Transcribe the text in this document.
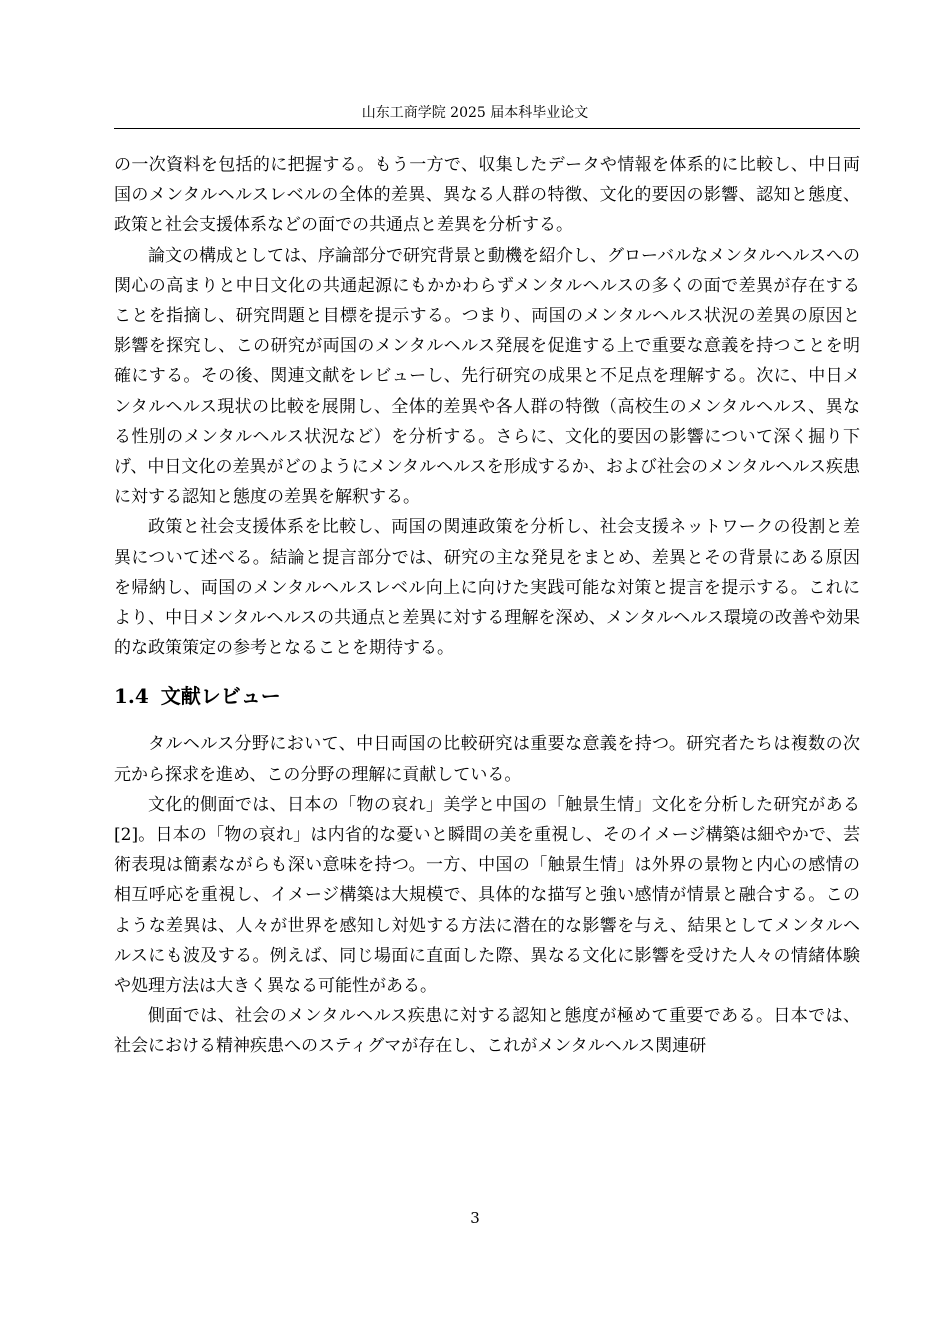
山东工商学院 2025 届本科毕业论文

の一次資料を包括的に把握する。もう一方で、収集したデータや情報を体系的に比較し、中日両国のメンタルヘルスレベルの全体的差異、異なる人群の特徴、文化的要因の影響、認知と態度、政策と社会支援体系などの面での共通点と差異を分析する。

論文の構成としては、序論部分で研究背景と動機を紹介し、グローバルなメンタルヘルスへの関心の高まりと中日文化の共通起源にもかかわらずメンタルヘルスの多くの面で差異が存在することを指摘し、研究問題と目標を提示する。つまり、両国のメンタルヘルス状況の差異の原因と影響を探究し、この研究が両国のメンタルヘルス発展を促進する上で重要な意義を持つことを明確にする。その後、関連文献をレビューし、先行研究の成果と不足点を理解する。次に、中日メンタルヘルス現状の比較を展開し、全体的差異や各人群の特徴（高校生のメンタルヘルス、異なる性別のメンタルヘルス状況など）を分析する。さらに、文化的要因の影響について深く掘り下げ、中日文化の差異がどのようにメンタルヘルスを形成するか、および社会のメンタルヘルス疾患に対する認知と態度の差異を解釈する。

政策と社会支援体系を比較し、両国の関連政策を分析し、社会支援ネットワークの役割と差異について述べる。結論と提言部分では、研究の主な発見をまとめ、差異とその背景にある原因を帰納し、両国のメンタルヘルスレベル向上に向けた実践可能な対策と提言を提示する。これにより、中日メンタルヘルスの共通点と差異に対する理解を深め、メンタルヘルス環境の改善や効果的な政策策定の参考となることを期待する。

1.4 文献レビュー

タルヘルス分野において、中日両国の比較研究は重要な意義を持つ。研究者たちは複数の次元から探求を進め、この分野の理解に貢献している。

文化的側面では、日本の「物の哀れ」美学と中国の「触景生情」文化を分析した研究がある[2]。日本の「物の哀れ」は内省的な憂いと瞬間の美を重視し、そのイメージ構築は細やかで、芸術表現は簡素ながらも深い意味を持つ。一方、中国の「触景生情」は外界の景物と内心の感情の相互呼応を重視し、イメージ構築は大規模で、具体的な描写と強い感情が情景と融合する。このような差異は、人々が世界を感知し対処する方法に潜在的な影響を与え、結果としてメンタルヘルスにも波及する。例えば、同じ場面に直面した際、異なる文化に影響を受けた人々の情緒体験や処理方法は大きく異なる可能性がある。

側面では、社会のメンタルヘルス疾患に対する認知と態度が極めて重要である。日本では、社会における精神疾患へのスティグマが存在し、これがメンタルヘルス関連研

3
